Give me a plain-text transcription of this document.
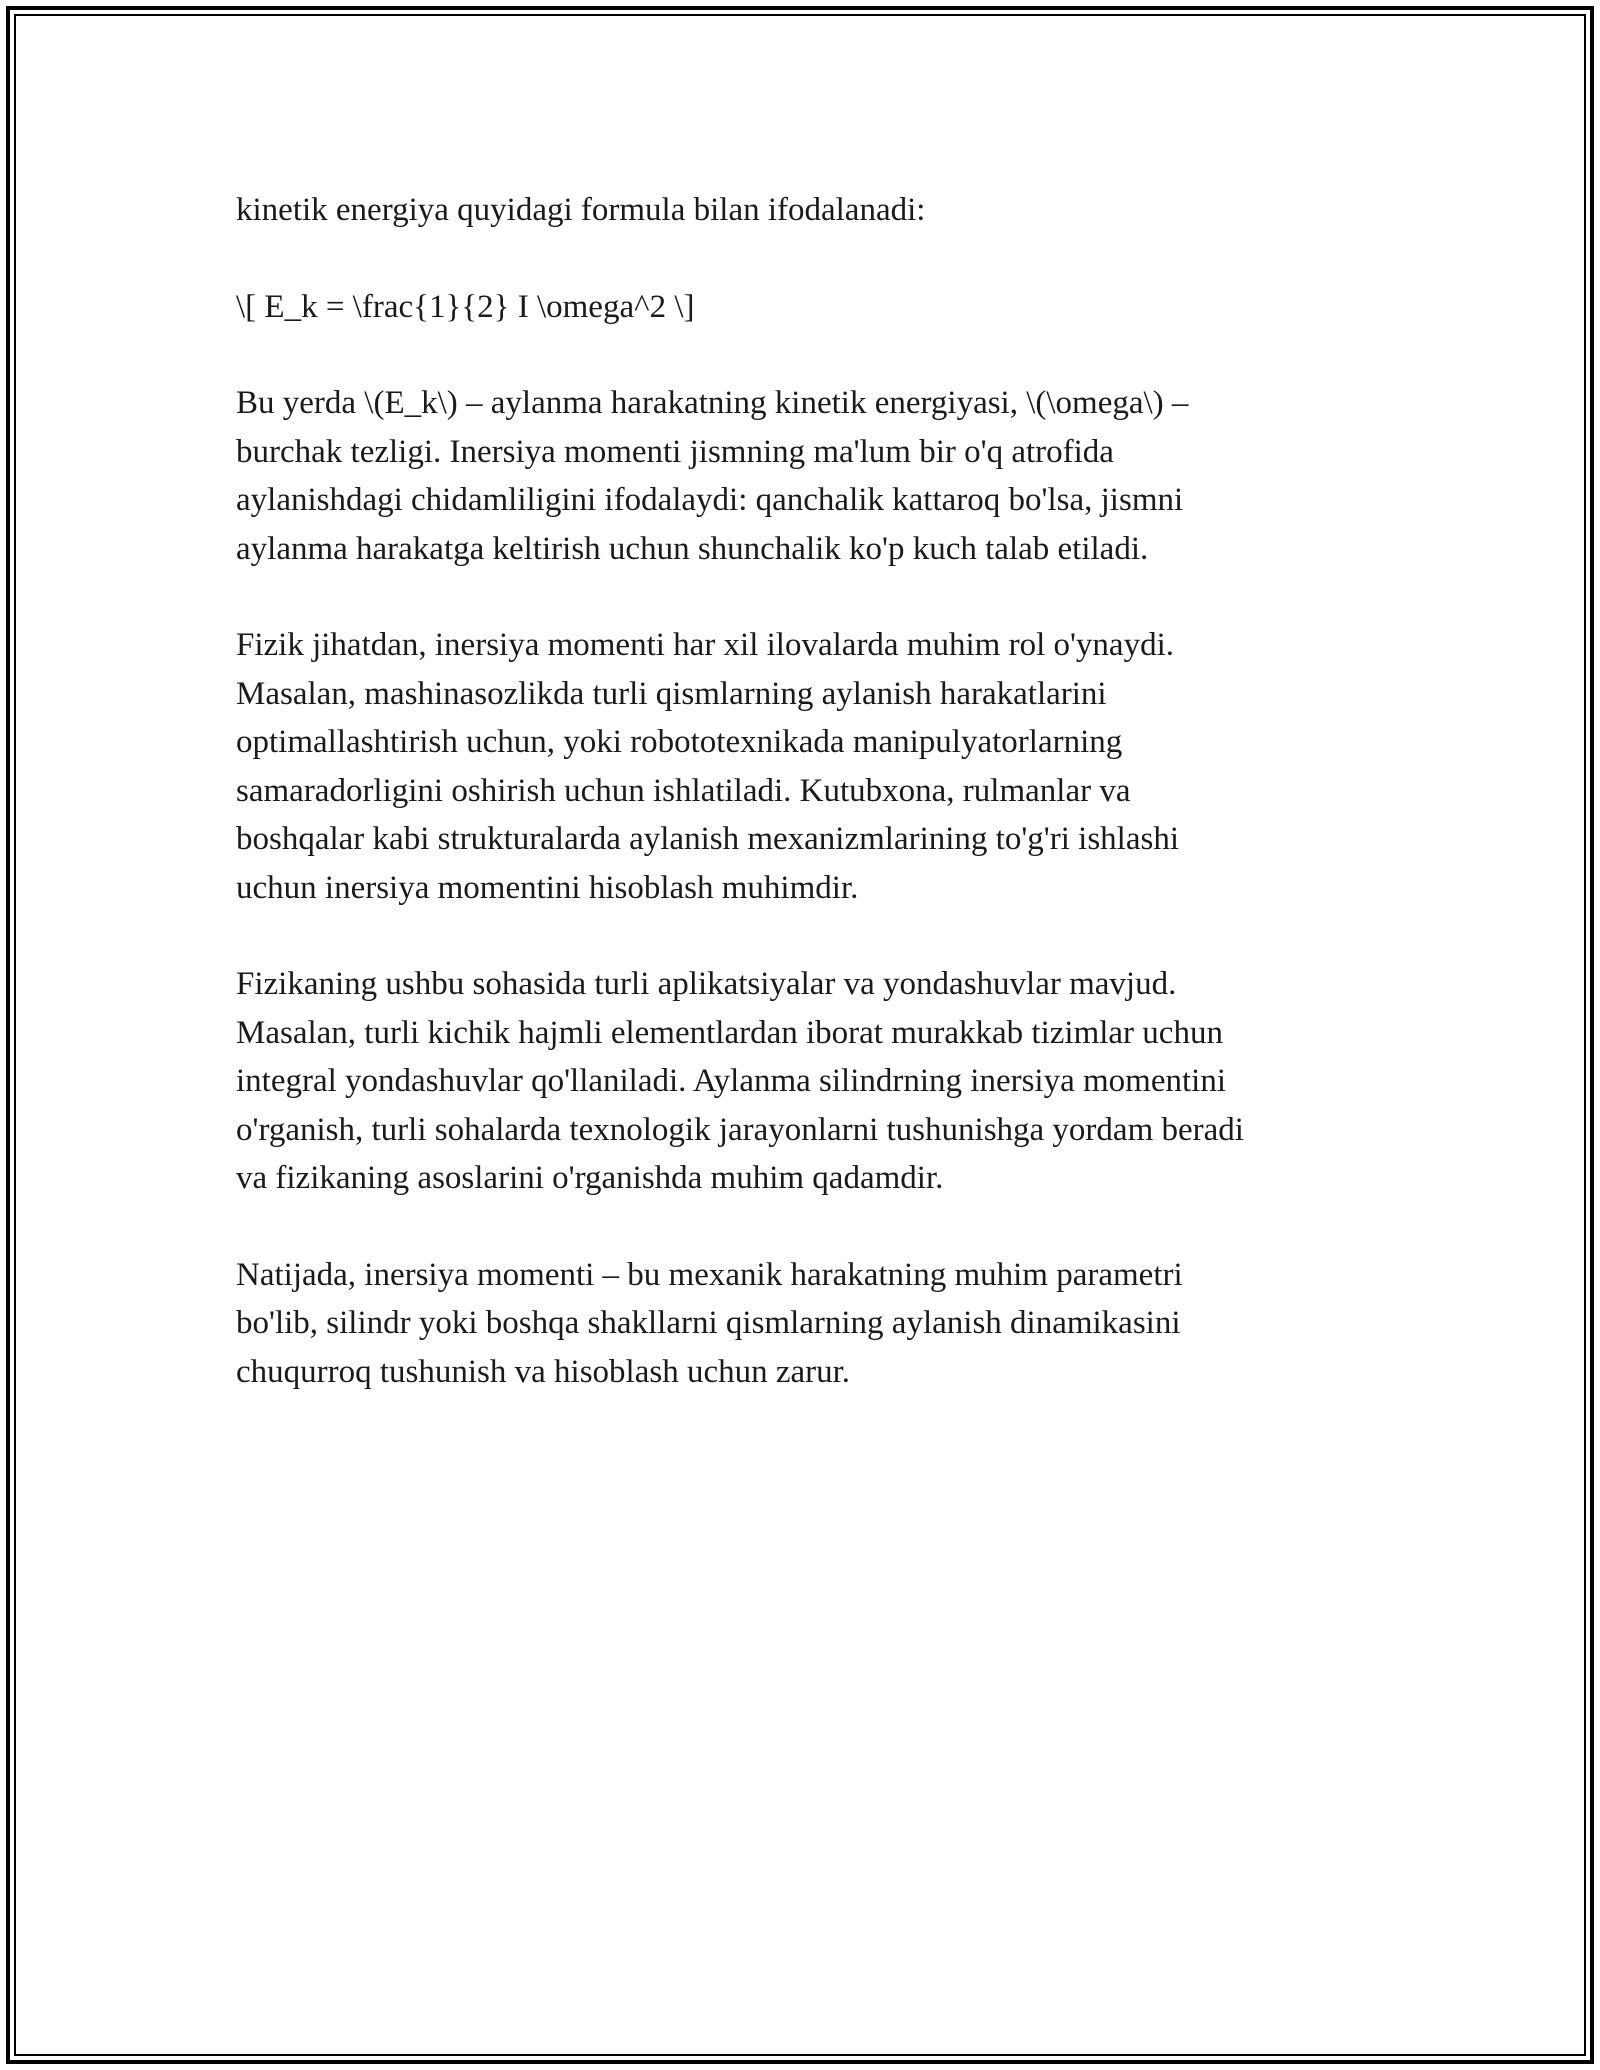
kinetik energiya quyidagi formula bilan ifodalanadi:

\[ E_k = \frac{1}{2} I \omega^2 \]

Bu yerda \(E_k\) – aylanma harakatning kinetik energiyasi, \(\omega\) –
burchak tezligi. Inersiya momenti jismning ma'lum bir o'q atrofida
aylanishdagi chidamliligini ifodalaydi: qanchalik kattaroq bo'lsa, jismni
aylanma harakatga keltirish uchun shunchalik ko'p kuch talab etiladi.

Fizik jihatdan, inersiya momenti har xil ilovalarda muhim rol o'ynaydi.
Masalan, mashinasozlikda turli qismlarning aylanish harakatlarini
optimallashtirish uchun, yoki robototexnikada manipulyatorlarning
samaradorligini oshirish uchun ishlatiladi. Kutubxona, rulmanlar va
boshqalar kabi strukturalarda aylanish mexanizmlarining to'g'ri ishlashi
uchun inersiya momentini hisoblash muhimdir.

Fizikaning ushbu sohasida turli aplikatsiyalar va yondashuvlar mavjud.
Masalan, turli kichik hajmli elementlardan iborat murakkab tizimlar uchun
integral yondashuvlar qo'llaniladi. Aylanma silindrning inersiya momentini
o'rganish, turli sohalarda texnologik jarayonlarni tushunishga yordam beradi
va fizikaning asoslarini o'rganishda muhim qadamdir.

Natijada, inersiya momenti – bu mexanik harakatning muhim parametri
bo'lib, silindr yoki boshqa shakllarni qismlarning aylanish dinamikasini
chuqurroq tushunish va hisoblash uchun zarur.
